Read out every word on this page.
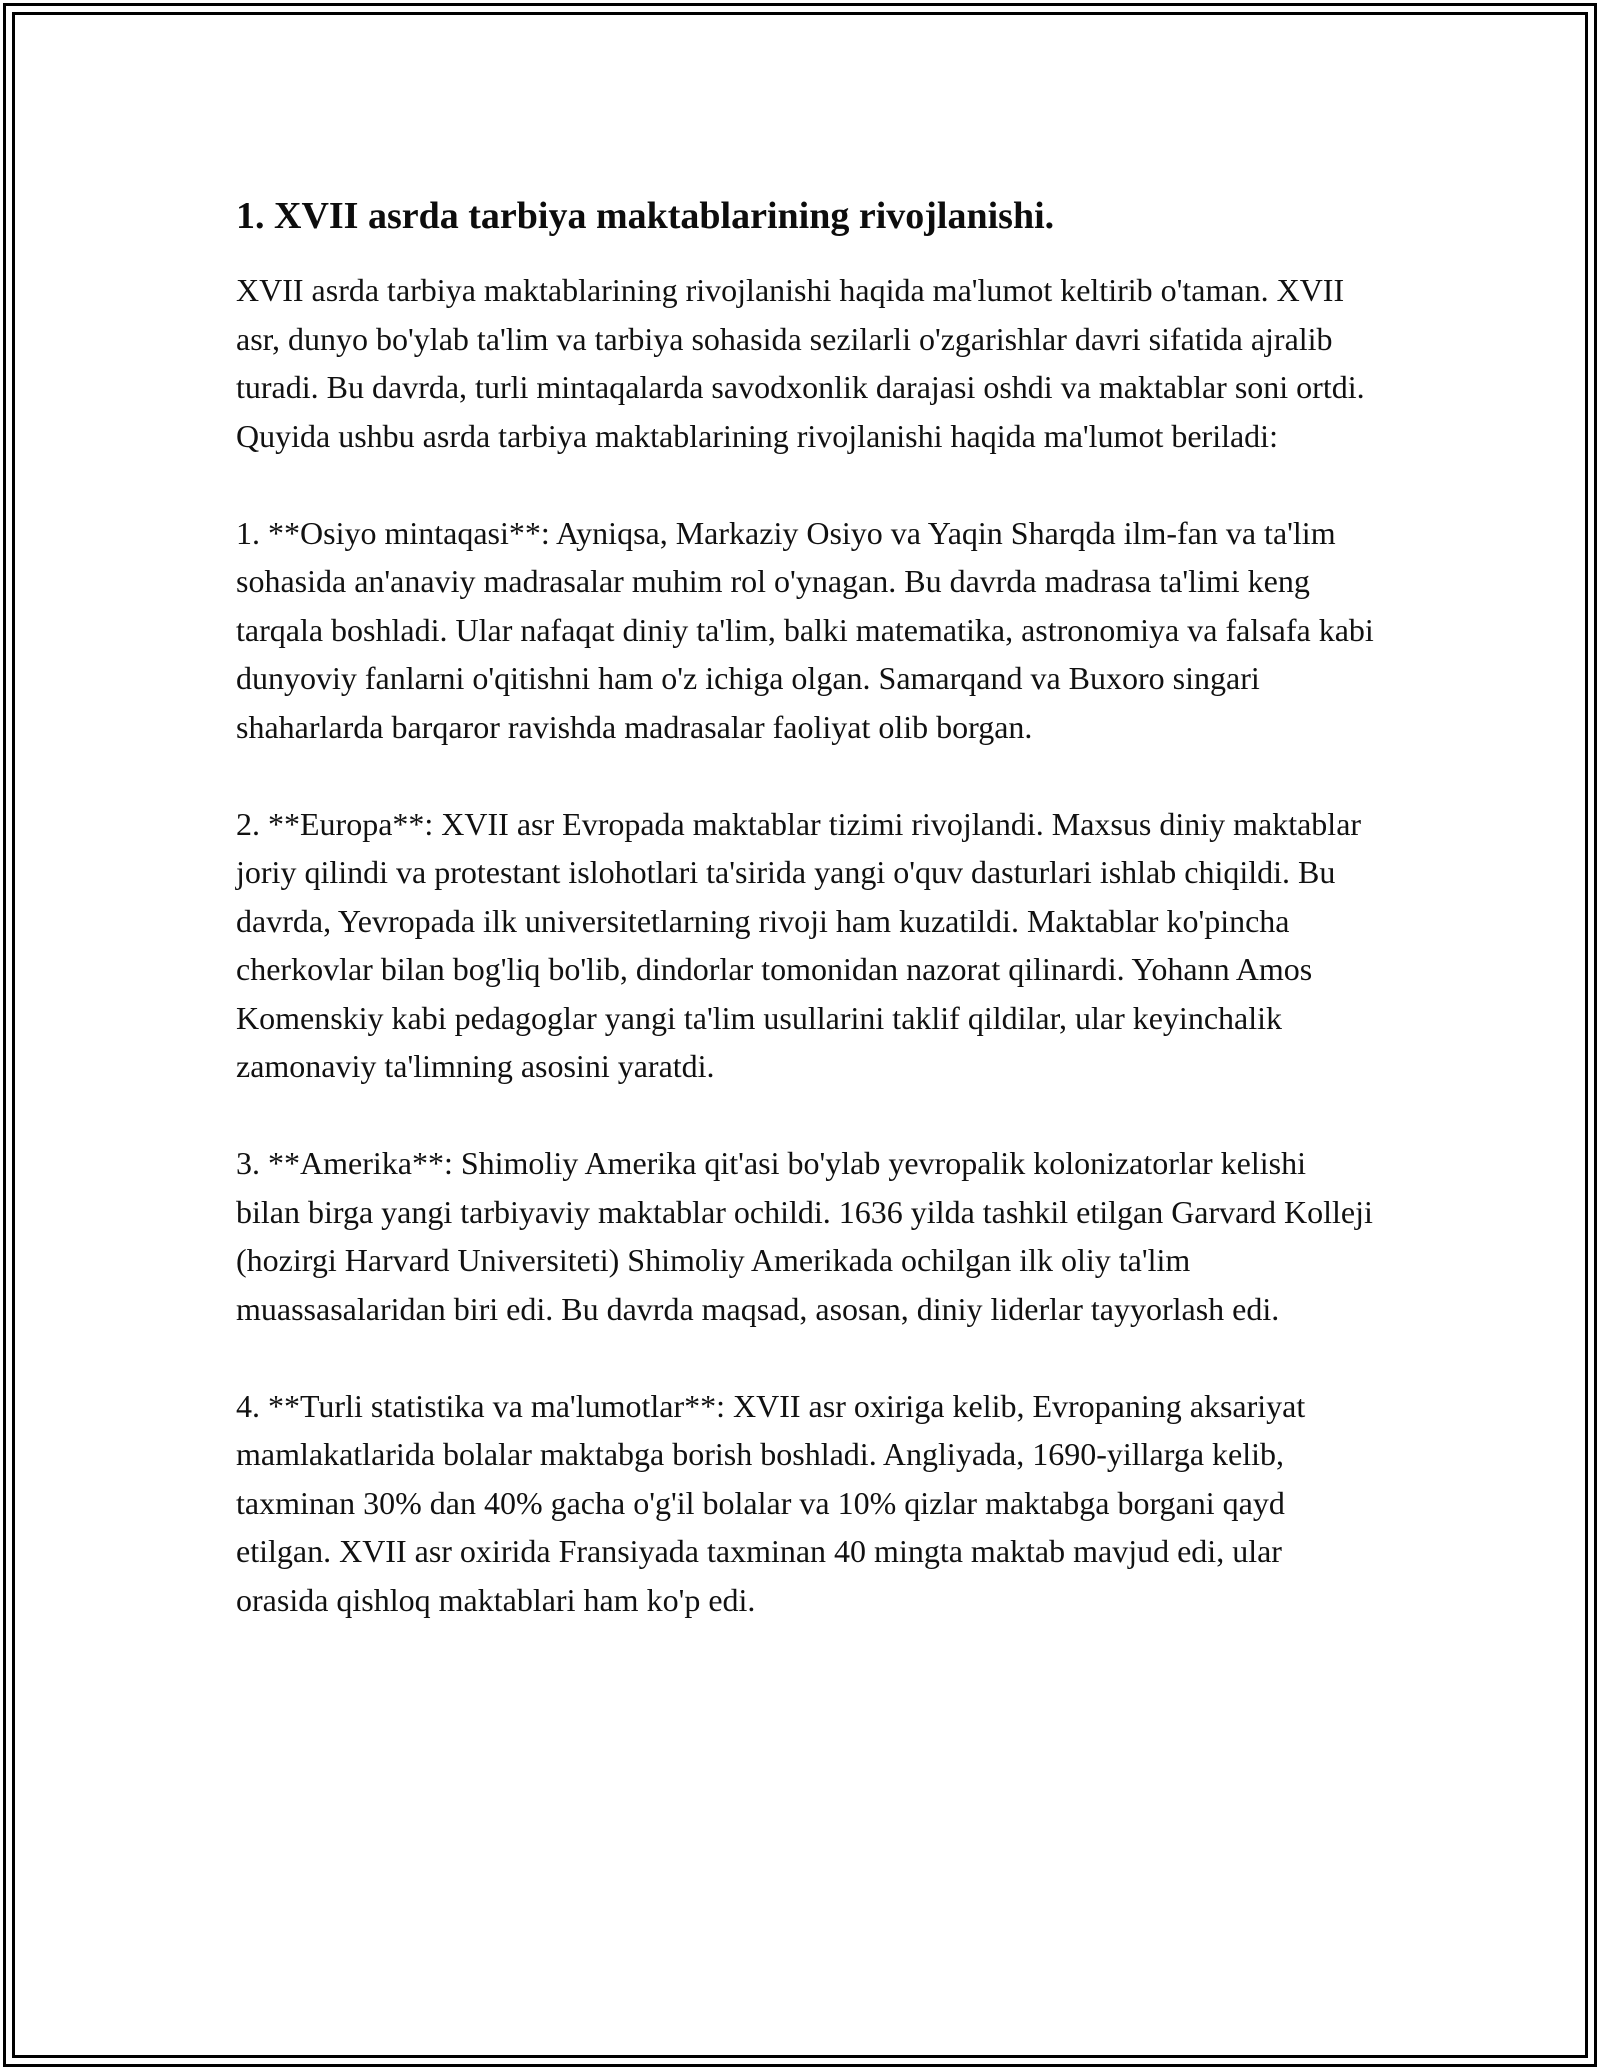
1. XVII asrda tarbiya maktablarining rivojlanishi.

XVII asrda tarbiya maktablarining rivojlanishi haqida ma'lumot keltirib o'taman. XVII asr, dunyo bo'ylab ta'lim va tarbiya sohasida sezilarli o'zgarishlar davri sifatida ajralib turadi. Bu davrda, turli mintaqalarda savodxonlik darajasi oshdi va maktablar soni ortdi. Quyida ushbu asrda tarbiya maktablarining rivojlanishi haqida ma'lumot beriladi:

1. **Osiyo mintaqasi**: Ayniqsa, Markaziy Osiyo va Yaqin Sharqda ilm-fan va ta'lim sohasida an'anaviy madrasalar muhim rol o'ynagan. Bu davrda madrasa ta'limi keng tarqala boshladi. Ular nafaqat diniy ta'lim, balki matematika, astronomiya va falsafa kabi dunyoviy fanlarni o'qitishni ham o'z ichiga olgan. Samarqand va Buxoro singari shaharlarda barqaror ravishda madrasalar faoliyat olib borgan.

2. **Europa**: XVII asr Evropada maktablar tizimi rivojlandi. Maxsus diniy maktablar joriy qilindi va protestant islohotlari ta'sirida yangi o'quv dasturlari ishlab chiqildi. Bu davrda, Yevropada ilk universitetlarning rivoji ham kuzatildi. Maktablar ko'pincha cherkovlar bilan bog'liq bo'lib, dindorlar tomonidan nazorat qilinardi. Yohann Amos Komenskiy kabi pedagoglar yangi ta'lim usullarini taklif qildilar, ular keyinchalik zamonaviy ta'limning asosini yaratdi.

3. **Amerika**: Shimoliy Amerika qit'asi bo'ylab yevropalik kolonizatorlar kelishi bilan birga yangi tarbiyaviy maktablar ochildi. 1636 yilda tashkil etilgan Garvard Kolleji (hozirgi Harvard Universiteti) Shimoliy Amerikada ochilgan ilk oliy ta'lim muassasalaridan biri edi. Bu davrda maqsad, asosan, diniy liderlar tayyorlash edi.

4. **Turli statistika va ma'lumotlar**: XVII asr oxiriga kelib, Evropaning aksariyat mamlakatlarida bolalar maktabga borish boshladi. Angliyada, 1690-yillarga kelib, taxminan 30% dan 40% gacha o'g'il bolalar va 10% qizlar maktabga borgani qayd etilgan. XVII asr oxirida Fransiyada taxminan 40 mingta maktab mavjud edi, ular orasida qishloq maktablari ham ko'p edi.
